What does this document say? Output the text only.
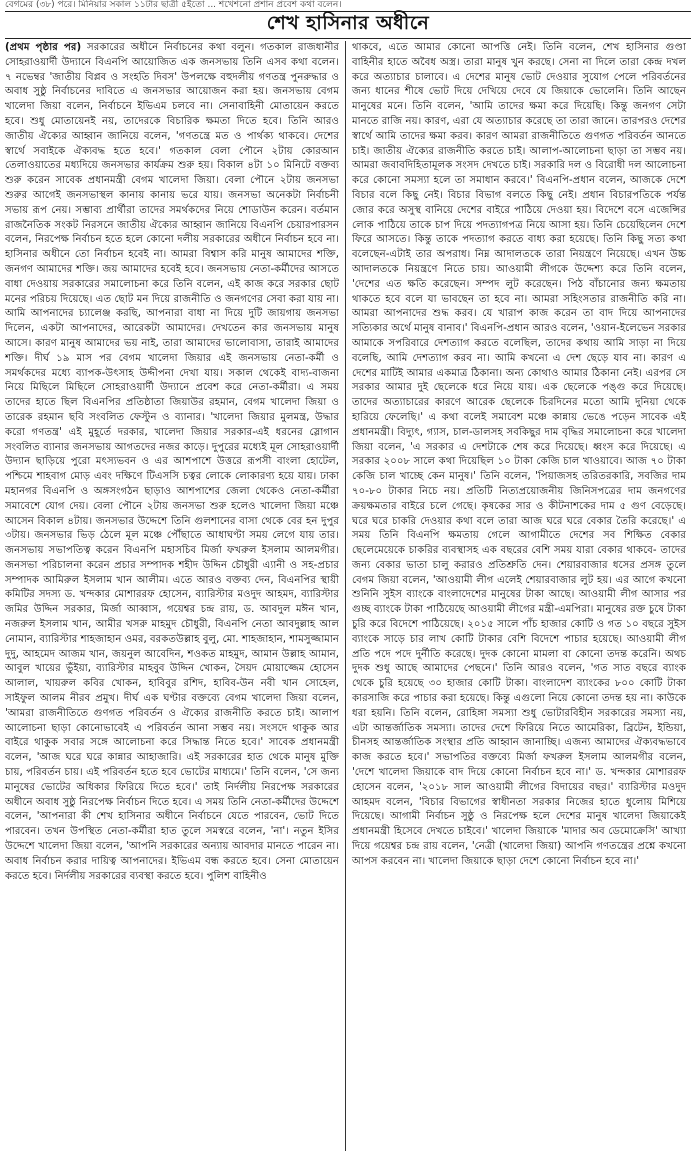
বেগমের (৩৮) পরে। মিনিয়ার সকাল ১১টার ছাত্রী ৫ইতো ... শখেশনো প্রশান প্রবেশ কথা বলেন।
শেখ হাসিনার অধীনে

(প্রথম পৃষ্ঠার পর) সরকারের অধীনে নির্বাচনের কথা বলুন। গতকাল রাজধানীর সোহরাওয়ার্দী উদ্যানে বিএনপি আয়োজিত এক জনসভায় তিনি এসব কথা বলেন। ৭ নভেম্বর 'জাতীয় বিপ্লব ও সংহতি দিবস' উপলক্ষে বহুদলীয় গণতন্ত্র পুনরুদ্ধার ও অবাধ সুষ্ঠু নির্বাচনের দাবিতে এ জনসভার আয়োজন করা হয়। জনসভায় বেগম খালেদা জিয়া বলেন, নির্বাচনে ইভিএম চলবে না। সেনাবাহিনী মোতায়েন করতে হবে। শুধু মোতায়েনই নয়, তাদেরকে বিচারিক ক্ষমতা দিতে হবে। তিনি আরও জাতীয় ঐক্যের আহ্বান জানিয়ে বলেন, 'গণতন্ত্রে মত ও পার্থক্য থাকবে। দেশের স্বার্থে সবাইকে ঐক্যবদ্ধ হতে হবে।' গতকাল বেলা পৌনে ২টায় কোরআন তেলাওয়াতের মধ্যদিয়ে জনসভার কার্যক্রম শুরু হয়। বিকাল ৪টা ১০ মিনিটে বক্তব্য শুরু করেন সাবেক প্রধানমন্ত্রী বেগম খালেদা জিয়া। বেলা পৌনে ২টায় জনসভা শুরুর আগেই জনসভাস্থল কানায় কানায় ভরে যায়। জনসভা অনেকটা নির্বাচনী সভায় রূপ নেয়। সম্ভাব্য প্রার্থীরা তাদের সমর্থকদের নিয়ে শোডাউন করেন। বর্তমান রাজনৈতিক সংকট নিরসনে জাতীয় ঐক্যের আহ্বান জানিয়ে বিএনপি চেয়ারপারসন বলেন, নিরপেক্ষ নির্বাচন হতে হলে কোনো দলীয় সরকারের অধীনে নির্বাচন হবে না। হাসিনার অধীনে তো নির্বাচন হবেই না। আমরা বিশ্বাস করি মানুষ আমাদের শক্তি, জনগণ আমাদের শক্তি। জয় আমাদের হবেই হবে। জনসভায় নেতা-কর্মীদের আসতে বাধা দেওয়ায় সরকারের সমালোচনা করে তিনি বলেন, এই কাজ করে সরকার ছোট মনের পরিচয় দিয়েছে। এত ছোট মন দিয়ে রাজনীতি ও জনগণের সেবা করা যায় না। আমি আপনাদের চ্যালেঞ্জ করছি, আপনারা বাধা না দিয়ে দুটি জায়গায় জনসভা দিলেন, একটা আপনাদের, আরেকটা আমাদের। দেখতেন কার জনসভায় মানুষ আসে। কারণ মানুষ আমাদের ভয় নাই, তারা আমাদের ভালোবাসা, তারাই আমাদের শক্তি। দীর্ঘ ১৯ মাস পর বেগম খালেদা জিয়ার এই জনসভায় নেতা-কর্মী ও সমর্থকদের মধ্যে ব্যাপক-উৎসাহ উদ্দীপনা দেখা যায়। সকাল থেকেই বাদ্য-বাজনা নিয়ে মিছিলে মিছিলে সোহরাওয়ার্দী উদ্যানে প্রবেশ করে নেতা-কর্মীরা। এ সময় তাদের হাতে ছিল বিএনপির প্রতিষ্ঠাতা জিয়াউর রহমান, বেগম খালেদা জিয়া ও তারেক রহমান ছবি সংবলিত ফেস্টুন ও ব্যানার। 'খালেদা জিয়ার মুলমন্ত্র, উদ্ধার করো গণতন্ত্র' এই মুহূর্তে দরকার, খালেদা জিয়ার সরকার-এই ধরনের স্লোগান সংবলিত ব্যানার জনসভায় আগতদের নজর কাড়ে। দুপুরের মধ্যেই মূল সোহরাওয়ার্দী উদ্যান ছাড়িয়ে পুরো মৎস্যভবন ও এর আশপাশে উত্তরে রূপসী বাংলা হোটেল, পশ্চিমে শাহবাগ মোড় এবং দক্ষিণে টিএসসি চত্বর লোকে লোকারণ্য হয়ে যায়। ঢাকা মহানগর বিএনপি ও অঙ্গসংগঠন ছাড়াও আশপাশের জেলা থেকেও নেতা-কর্মীরা সমাবেশে যোগ দেয়। বেলা পৌনে ২টায় জনসভা শুরু হলেও খালেদা জিয়া মঞ্চে আসেন বিকাল ৪টায়। জনসভার উদ্দেশে তিনি গুলশানের বাসা থেকে বের হন দুপুর ৩টায়। জনসভার ভিড় ঠেলে মূল মঞ্চে পৌঁছাতে আধাঘণ্টা সময় লেগে যায় তার। জনসভায় সভাপতিত্ব করেন বিএনপি মহাসচিব মির্জা ফখরুল ইসলাম আলমগীর। জনসভা পরিচালনা করেন প্রচার সম্পাদক শহীদ উদ্দিন চৌধুরী এ্যানী ও সহ-প্রচার সম্পাদক আমিরুল ইসলাম খান আলীম। এতে আরও বক্তব্য দেন, বিএনপির স্থায়ী কমিটির সদস্য ড. খন্দকার মোশাররফ হোসেন, ব্যারিস্টার মওদুদ আহমদ, ব্যারিস্টার জমির উদ্দিন সরকার, মির্জা আব্বাস, গয়েশ্বর চন্দ্র রায়, ড. আবদুল মঈন খান, নজরুল ইসলাম খান, আমীর খসরু মাহমুদ চৌধুরী, বিএনপি নেতা আবদুল্লাহ আল নোমান, ব্যারিস্টার শাহজাহান ওমর, বরকতউল্লাহ বুলু, মো. শাহজাহান, শামসুজ্জামান দুদু, আহমেদ আজম খান, জয়নুল আবেদিন, শওকত মাহমুদ, আমান উল্লাহ আমান, আবুল খায়ের ভুঁইয়া, ব্যারিস্টার মাহবুব উদ্দিন খোকন, সৈয়দ মোয়াজ্জেম হোসেন আলাল, খায়রুল কবির খোকন, হাবিবুর রশিদ, হাবিব-উন নবী খান সোহেল, সাইফুল আলম নীরব প্রমুখ। দীর্ঘ এক ঘণ্টার বক্তব্যে বেগম খালেদা জিয়া বলেন, 'আমরা রাজনীতিতে গুণগত পরিবর্তন ও ঐক্যের রাজনীতি করতে চাই। আলাপ আলোচনা ছাড়া কোনোভাবেই এ পরিবর্তন আনা সম্ভব নয়। সংসদে থাকুক আর বাইরে থাকুক সবার সঙ্গে আলোচনা করে সিদ্ধান্ত নিতে হবে।' সাবেক প্রধানমন্ত্রী বলেন, 'আজ ঘরে ঘরে কান্নার আহাজারি। এই সরকারের হাত থেকে মানুষ মুক্তি চায়, পরিবর্তন চায়। এই পরিবর্তন হতে হবে ভোটের মাধ্যমে।' তিনি বলেন, 'সে জন্য মানুষের ভোটের অধিকার ফিরিয়ে দিতে হবে।' তাই নির্দলীয় নিরপেক্ষ সরকারের অধীনে অবাধ সুষ্ঠু নিরপেক্ষ নির্বাচন দিতে হবে। এ সময় তিনি নেতা-কর্মীদের উদ্দেশে বলেন, 'আপনারা কী শেখ হাসিনার অধীনে নির্বাচনে যেতে পারবেন, ভোট দিতে পারবেন। তখন উপস্থিত নেতা-কর্মীরা হাত তুলে সমস্বরে বলেন, 'না'। নতুন ইসির উদ্দেশে খালেদা জিয়া বলেন, 'আপনি সরকারের অন্যায় আবদার মানতে পারেন না। অবাধ নির্বাচন করার দায়িত্ব আপনাদের। ইভিএম বন্ধ করতে হবে। সেনা মোতায়েন করতে হবে। নির্দলীয় সরকারের ব্যবস্থা করতে হবে। পুলিশ বাহিনীও

থাকবে, এতে আমার কোনো আপত্তি নেই। তিনি বলেন, শেখ হাসিনার গুণ্ডা বাহিনীর হাতে অবৈধ অস্ত্র। তারা মানুষ খুন করছে। সেনা না দিলে তারা কেন্দ্র দখল করে অত্যাচার চালাবে। এ দেশের মানুষ ভোট দেওয়ার সুযোগ পেলে পরিবর্তনের জন্য ধানের শীষে ভোট দিয়ে দেখিয়ে দেবে যে জিয়াকে ভোলেনি। তিনি আছেন মানুষের মনে। তিনি বলেন, 'আমি তাদের ক্ষমা করে দিয়েছি। কিন্তু জনগণ সেটা মানতে রাজি নয়। কারণ, এরা যে অত্যাচার করেছে তা তারা জানে। তারপরও দেশের স্বার্থে আমি তাদের ক্ষমা করব। কারণ আমরা রাজনীতিতে গুণগত পরিবর্তন আনতে চাই। জাতীয় ঐক্যের রাজনীতি করতে চাই। আলাপ-আলোচনা ছাড়া তা সম্ভব নয়। আমরা জবাবদিহিতামূলক সংসদ দেখতে চাই। সরকারি দল ও বিরোধী দল আলোচনা করে কোনো সমস্যা হলে তা সমাধান করবে।' বিএনপি-প্রধান বলেন, আজকে দেশে বিচার বলে কিছু নেই। বিচার বিভাগ বলতে কিছু নেই। প্রধান বিচারপতিকে পর্যন্ত জোর করে অসুস্থ বানিয়ে দেশের বাইরে পাঠিয়ে দেওয়া হয়। বিদেশে বসে এজেন্সির লোক পাঠিয়ে তাকে চাপ দিয়ে পদত্যাগপত্র নিয়ে আসা হয়। তিনি চেয়েছিলেন দেশে ফিরে আসতে। কিন্তু তাকে পদত্যাগ করতে বাধ্য করা হয়েছে। তিনি কিছু সত্য কথা বলেছেন-এটাই তার অপরাধ। নিম্ন আদালতকে তারা নিয়ন্ত্রণে নিয়েছে। এখন উচ্চ আদালতকে নিয়ন্ত্রণে নিতে চায়। আওয়ামী লীগকে উদ্দেশ্য করে তিনি বলেন, 'দেশের এত ক্ষতি করেছেন। সম্পদ লুট করেছেন। পিঠ বাঁচানোর জন্য ক্ষমতায় থাকতে হবে বলে যা ভাবছেন তা হবে না। আমরা সহিংসতার রাজনীতি করি না। আমরা আপনাদের শুদ্ধ করব। যে খারাপ কাজ করেন তা বাদ দিয়ে আপনাদের সত্যিকার অর্থে মানুষ বানাব।' বিএনপি-প্রধান আরও বলেন, 'ওয়ান-ইলেভেন সরকার আমাকে সপরিবারে দেশত্যাগ করতে বলেছিল, তাদের কথায় আমি সাড়া না দিয়ে বলেছি, আমি দেশত্যাগ করব না। আমি কখনো এ দেশ ছেড়ে যাব না। কারণ এ দেশের মাটিই আমার একমাত্র ঠিকানা। অন্য কোথাও আমার ঠিকানা নেই। এরপর সে সরকার আমার দুই ছেলেকে ধরে নিয়ে যায়। এক ছেলেকে পঙ্গু করে দিয়েছে। তাদের অত্যাচারের কারণে আরেক ছেলেকে চিরদিনের মতো আমি দুনিয়া থেকে হারিয়ে ফেলেছি।' এ কথা বলেই সমাবেশ মঞ্চে কান্নায় ভেঙে পড়েন সাবেক এই প্রধানমন্ত্রী। বিদ্যুৎ, গ্যাস, চাল-ডালসহ সবকিছুর দাম বৃদ্ধির সমালোচনা করে খালেদা জিয়া বলেন, 'এ সরকার এ দেশটাকে শেষ করে দিয়েছে। ধ্বংস করে দিয়েছে। এ সরকার ২০০৮ সালে কথা দিয়েছিল ১০ টাকা কেজি চাল খাওয়াবে। আজ ৭০ টাকা কেজি চাল খাচ্ছে কেন মানুষ।' তিনি বলেন, 'পিয়াজসহ তরিতরকারি, সবজির দাম ৭০-৮০ টাকার নিচে নয়। প্রতিটি নিত্যপ্রয়োজনীয় জিনিসপত্রের দাম জনগণের ক্রয়ক্ষমতার বাইরে চলে গেছে। কৃষকের সার ও কীটনাশকের দাম ৫ গুণ বেড়েছে। ঘরে ঘরে চাকরি দেওয়ার কথা বলে তারা আজ ঘরে ঘরে বেকার তৈরি করেছে।' এ সময় তিনি বিএনপি ক্ষমতায় গেলে আগামীতে দেশের সব শিক্ষিত বেকার ছেলেমেয়েকে চাকরির ব্যবস্থাসহ এক বছরের বেশি সময় যারা বেকার থাকবে- তাদের জন্য বেকার ভাতা চালু করারও প্রতিশ্রুতি দেন। শেয়ারবাজার ধসের প্রসঙ্গ তুলে বেগম জিয়া বলেন, 'আওয়ামী লীগ এলেই শেয়ারবাজার লুট হয়। এর আগে কখনো শুনিনি সুইস ব্যাংকে বাংলাদেশের মানুষের টাকা আছে। আওয়ামী লীগ আসার পর গুচ্ছ ব্যাংকে টাকা পাঠিয়েছে আওয়ামী লীগের মন্ত্রী-এমপিরা। মানুষের রক্ত চুষে টাকা চুরি করে বিদেশে পাঠিয়েছে। ২০১৫ সালে পাঁচ হাজার কোটি ও গত ১০ বছরে সুইস ব্যাংকে সাড়ে চার লাখ কোটি টাকার বেশি বিদেশে পাচার হয়েছে। আওয়ামী লীগ প্রতি পদে পদে দুর্নীতি করেছে। দুদক কোনো মামলা বা কোনো তদন্ত করেনি। অথচ দুদক শুধু আছে আমাদের পেছনে।' তিনি আরও বলেন, 'গত সাত বছরে ব্যাংক থেকে চুরি হয়েছে ৩০ হাজার কোটি টাকা। বাংলাদেশ ব্যাংকের ৮০০ কোটি টাকা কারসাজি করে পাচার করা হয়েছে। কিন্তু এগুলো নিয়ে কোনো তদন্ত হয় না। কাউকে ধরা হয়নি। তিনি বলেন, রোহিঙ্গা সমস্যা শুধু ভোটারবিহীন সরকারের সমস্যা নয়, এটা আন্তর্জাতিক সমস্যা। তাদের দেশে ফিরিয়ে নিতে আমেরিকা, ব্রিটেন, ইন্ডিয়া, চীনসহ আন্তর্জাতিক সংস্থার প্রতি আহ্বান জানাচ্ছি। এজন্য আমাদের ঐক্যবদ্ধভাবে কাজ করতে হবে।' সভাপতির বক্তব্যে মির্জা ফখরুল ইসলাম আলমগীর বলেন, 'দেশে খালেদা জিয়াকে বাদ দিয়ে কোনো নির্বাচন হবে না।' ড. খন্দকার মোশাররফ হোসেন বলেন, '২০১৮ সাল আওয়ামী লীগের বিদায়ের বছর।' ব্যারিস্টার মওদুদ আহমদ বলেন, 'বিচার বিভাগের স্বাধীনতা সরকার নিজের হাতে ধুলোয় মিশিয়ে দিয়েছে। আগামী নির্বাচন সুষ্ঠু ও নিরপেক্ষ হলে দেশের মানুষ খালেদা জিয়াকেই প্রধানমন্ত্রী হিসেবে দেখতে চাইবে।' খালেদা জিয়াকে 'মাদার অব ডেমোক্রেসি' আখ্যা দিয়ে গয়েশ্বর চন্দ্র রায় বলেন, 'নেত্রী (খালেদা জিয়া) আপনি গণতন্ত্রের প্রশ্নে কখনো আপস করবেন না। খালেদা জিয়াকে ছাড়া দেশে কোনো নির্বাচন হবে না।'
